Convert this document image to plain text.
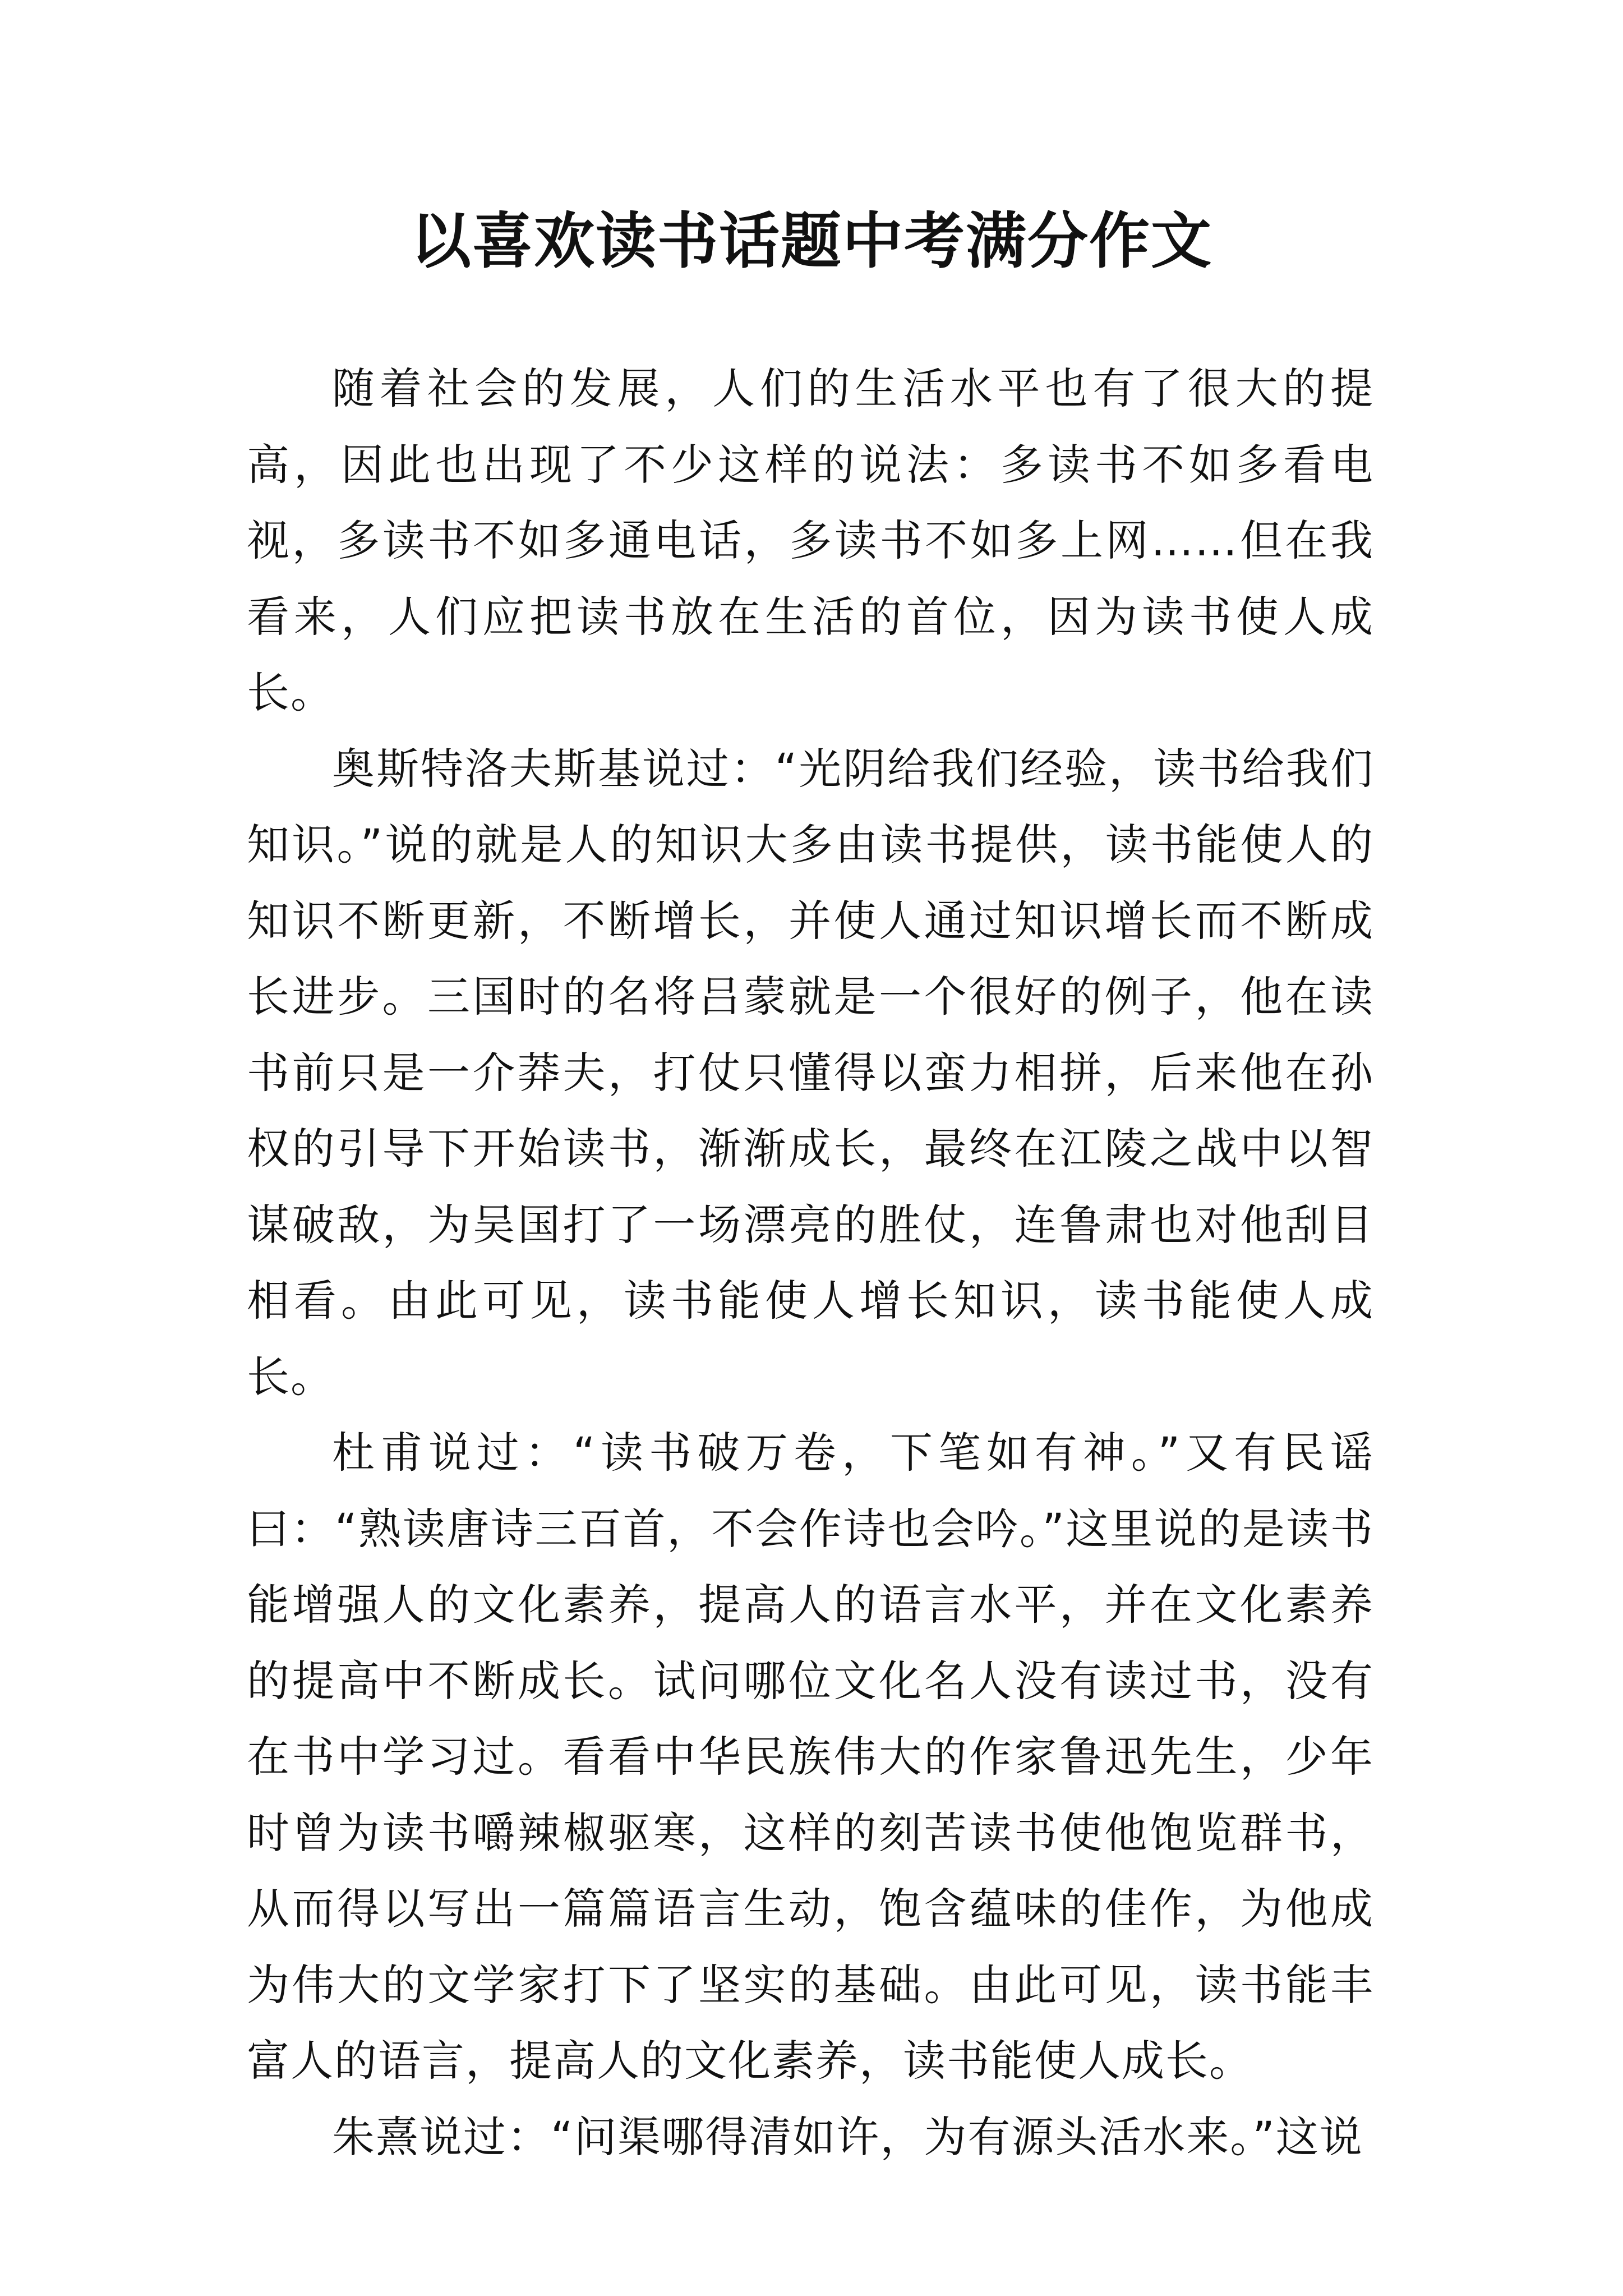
以喜欢读书话题中考满分作文

随着社会的发展，人们的生活水平也有了很大的提高，因此也出现了不少这样的说法：多读书不如多看电视，多读书不如多通电话，多读书不如多上网……但在我看来，人们应把读书放在生活的首位，因为读书使人成长。

奥斯特洛夫斯基说过：“光阴给我们经验，读书给我们知识。”说的就是人的知识大多由读书提供，读书能使人的知识不断更新，不断增长，并使人通过知识增长而不断成长进步。三国时的名将吕蒙就是一个很好的例子，他在读书前只是一介莽夫，打仗只懂得以蛮力相拼，后来他在孙权的引导下开始读书，渐渐成长，最终在江陵之战中以智谋破敌，为吴国打了一场漂亮的胜仗，连鲁肃也对他刮目相看。由此可见，读书能使人增长知识，读书能使人成长。

杜甫说过：“读书破万卷，下笔如有神。”又有民谣曰：“熟读唐诗三百首，不会作诗也会吟。”这里说的是读书能增强人的文化素养，提高人的语言水平，并在文化素养的提高中不断成长。试问哪位文化名人没有读过书，没有在书中学习过。看看中华民族伟大的作家鲁迅先生，少年时曾为读书嚼辣椒驱寒，这样的刻苦读书使他饱览群书，从而得以写出一篇篇语言生动，饱含蕴味的佳作，为他成为伟大的文学家打下了坚实的基础。由此可见，读书能丰富人的语言，提高人的文化素养，读书能使人成长。

朱熹说过：“问渠哪得清如许，为有源头活水来。”这说
